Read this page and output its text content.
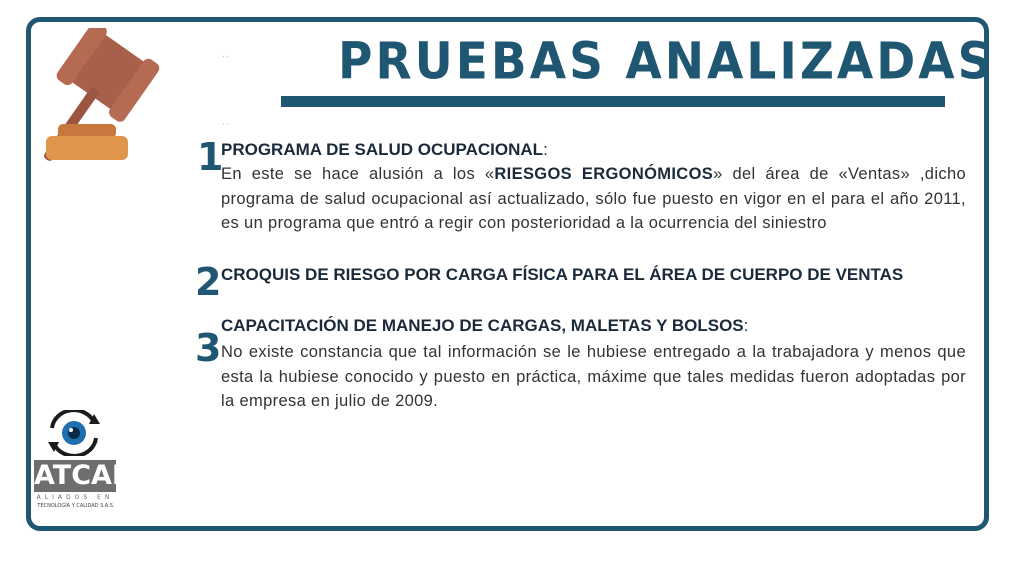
..
..
PRUEBAS ANALIZADAS
1

PROGRAMA DE SALUD OCUPACIONAL:

En este se hace alusión a los «RIESGOS ERGONÓMICOS» del área de «Ventas» ,dicho programa de salud ocupacional así actualizado, sólo fue puesto en vigor en el para el año 2011, es un programa que entró a regir con posterioridad a la ocurrencia del siniestro

2 CROQUIS DE RIESGO POR CARGA FÍSICA PARA EL ÁREA DE CUERPO DE VENTAS

3

CAPACITACIÓN DE MANEJO DE CARGAS, MALETAS Y BOLSOS:

No existe constancia que tal información se le hubiese entregado a la trabajadora y menos que esta la hubiese conocido y puesto en práctica, máxime que tales medidas fueron adoptadas por la empresa en julio de 2009.

ATCAL
ALIADOS EN
TECNOLOGÍA Y CALIDAD S.A.S.
